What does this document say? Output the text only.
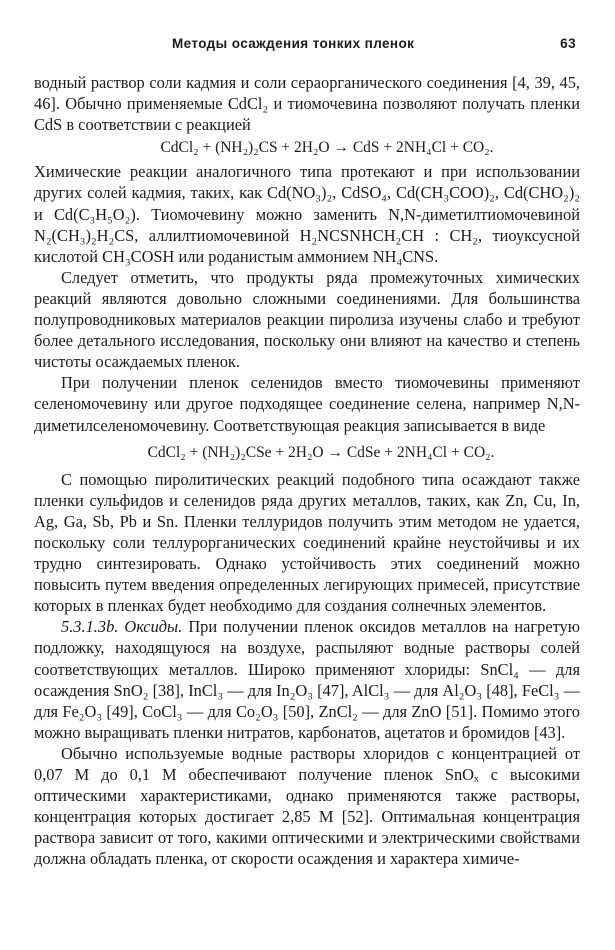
Методы осаждения тонких пленок	63

водный раствор соли кадмия и соли сераорганического соединения [4, 39, 45, 46]. Обычно применяемые CdCl₂ и тиомочевина позволяют получать пленки CdS в соответствии с реакцией

CdCl₂ + (NH₂)₂CS + 2H₂O → CdS + 2NH₄Cl + CO₂.

Химические реакции аналогичного типа протекают и при использовании других солей кадмия, таких, как Cd(NO₃)₂, CdSO₄, Cd(CH₃COO)₂, Cd(CHO₂)₂ и Cd(C₃H₅O₂). Тиомочевину можно заменить N,N-диметилтиомочевиной N₂(CH₃)₂H₂CS, аллилтиомочевиной H₂NCSNHCH₂CH : CH₂, тиоуксусной кислотой CH₃COSH или роданистым аммонием NH₄CNS.

Следует отметить, что продукты ряда промежуточных химических реакций являются довольно сложными соединениями. Для большинства полупроводниковых материалов реакции пиролиза изучены слабо и требуют более детального исследования, поскольку они влияют на качество и степень чистоты осаждаемых пленок.

При получении пленок селенидов вместо тиомочевины применяют селеномочевину или другое подходящее соединение селена, например N,N-диметилселеномочевину. Соответствующая реакция записывается в виде

CdCl₂ + (NH₂)₂CSe + 2H₂O → CdSe + 2NH₄Cl + CO₂.

С помощью пиролитических реакций подобного типа осаждают также пленки сульфидов и селенидов ряда других металлов, таких, как Zn, Cu, In, Ag, Ga, Sb, Pb и Sn. Пленки теллуридов получить этим методом не удается, поскольку соли теллурорганических соединений крайне неустойчивы и их трудно синтезировать. Однако устойчивость этих соединений можно повысить путем введения определенных легирующих примесей, присутствие которых в пленках будет необходимо для создания солнечных элементов.

5.3.1.3b. Оксиды. При получении пленок оксидов металлов на нагретую подложку, находящуюся на воздухе, распыляют водные растворы солей соответствующих металлов. Широко применяют хлориды: SnCl₄ — для осаждения SnO₂ [38], InCl₃ — для In₂O₃ [47], AlCl₃ — для Al₂O₃ [48], FeCl₃ — для Fe₂O₃ [49], CoCl₃ — для Co₂O₃ [50], ZnCl₂ — для ZnO [51]. Помимо этого можно выращивать пленки нитратов, карбонатов, ацетатов и бромидов [43].

Обычно используемые водные растворы хлоридов с концентрацией от 0,07 M до 0,1 M обеспечивают получение пленок SnOₓ с высокими оптическими характеристиками, однако применяются также растворы, концентрация которых достигает 2,85 M [52]. Оптимальная концентрация раствора зависит от того, какими оптическими и электрическими свойствами должна обладать пленка, от скорости осаждения и характера химиче-
